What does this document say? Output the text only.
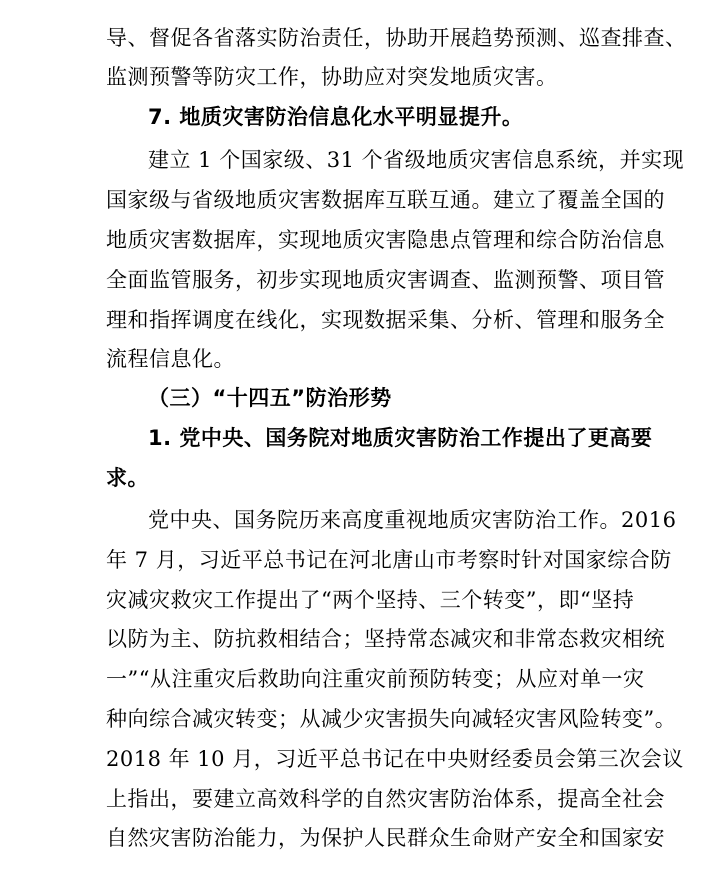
导、督促各省落实防治责任，协助开展趋势预测、巡查排查、
监测预警等防灾工作，协助应对突发地质灾害。
7. 地质灾害防治信息化水平明显提升。
建立 1 个国家级、31 个省级地质灾害信息系统，并实现
国家级与省级地质灾害数据库互联互通。建立了覆盖全国的
地质灾害数据库，实现地质灾害隐患点管理和综合防治信息
全面监管服务，初步实现地质灾害调查、监测预警、项目管
理和指挥调度在线化，实现数据采集、分析、管理和服务全
流程信息化。
（三）“十四五”防治形势
1. 党中央、国务院对地质灾害防治工作提出了更高要
求。
党中央、国务院历来高度重视地质灾害防治工作。2016
年 7 月，习近平总书记在河北唐山市考察时针对国家综合防
灾减灾救灾工作提出了“两个坚持、三个转变”，即“坚持
以防为主、防抗救相结合；坚持常态减灾和非常态救灾相统
一”“从注重灾后救助向注重灾前预防转变；从应对单一灾
种向综合减灾转变；从减少灾害损失向减轻灾害风险转变”。
2018 年 10 月，习近平总书记在中央财经委员会第三次会议
上指出，要建立高效科学的自然灾害防治体系，提高全社会
自然灾害防治能力，为保护人民群众生命财产安全和国家安
